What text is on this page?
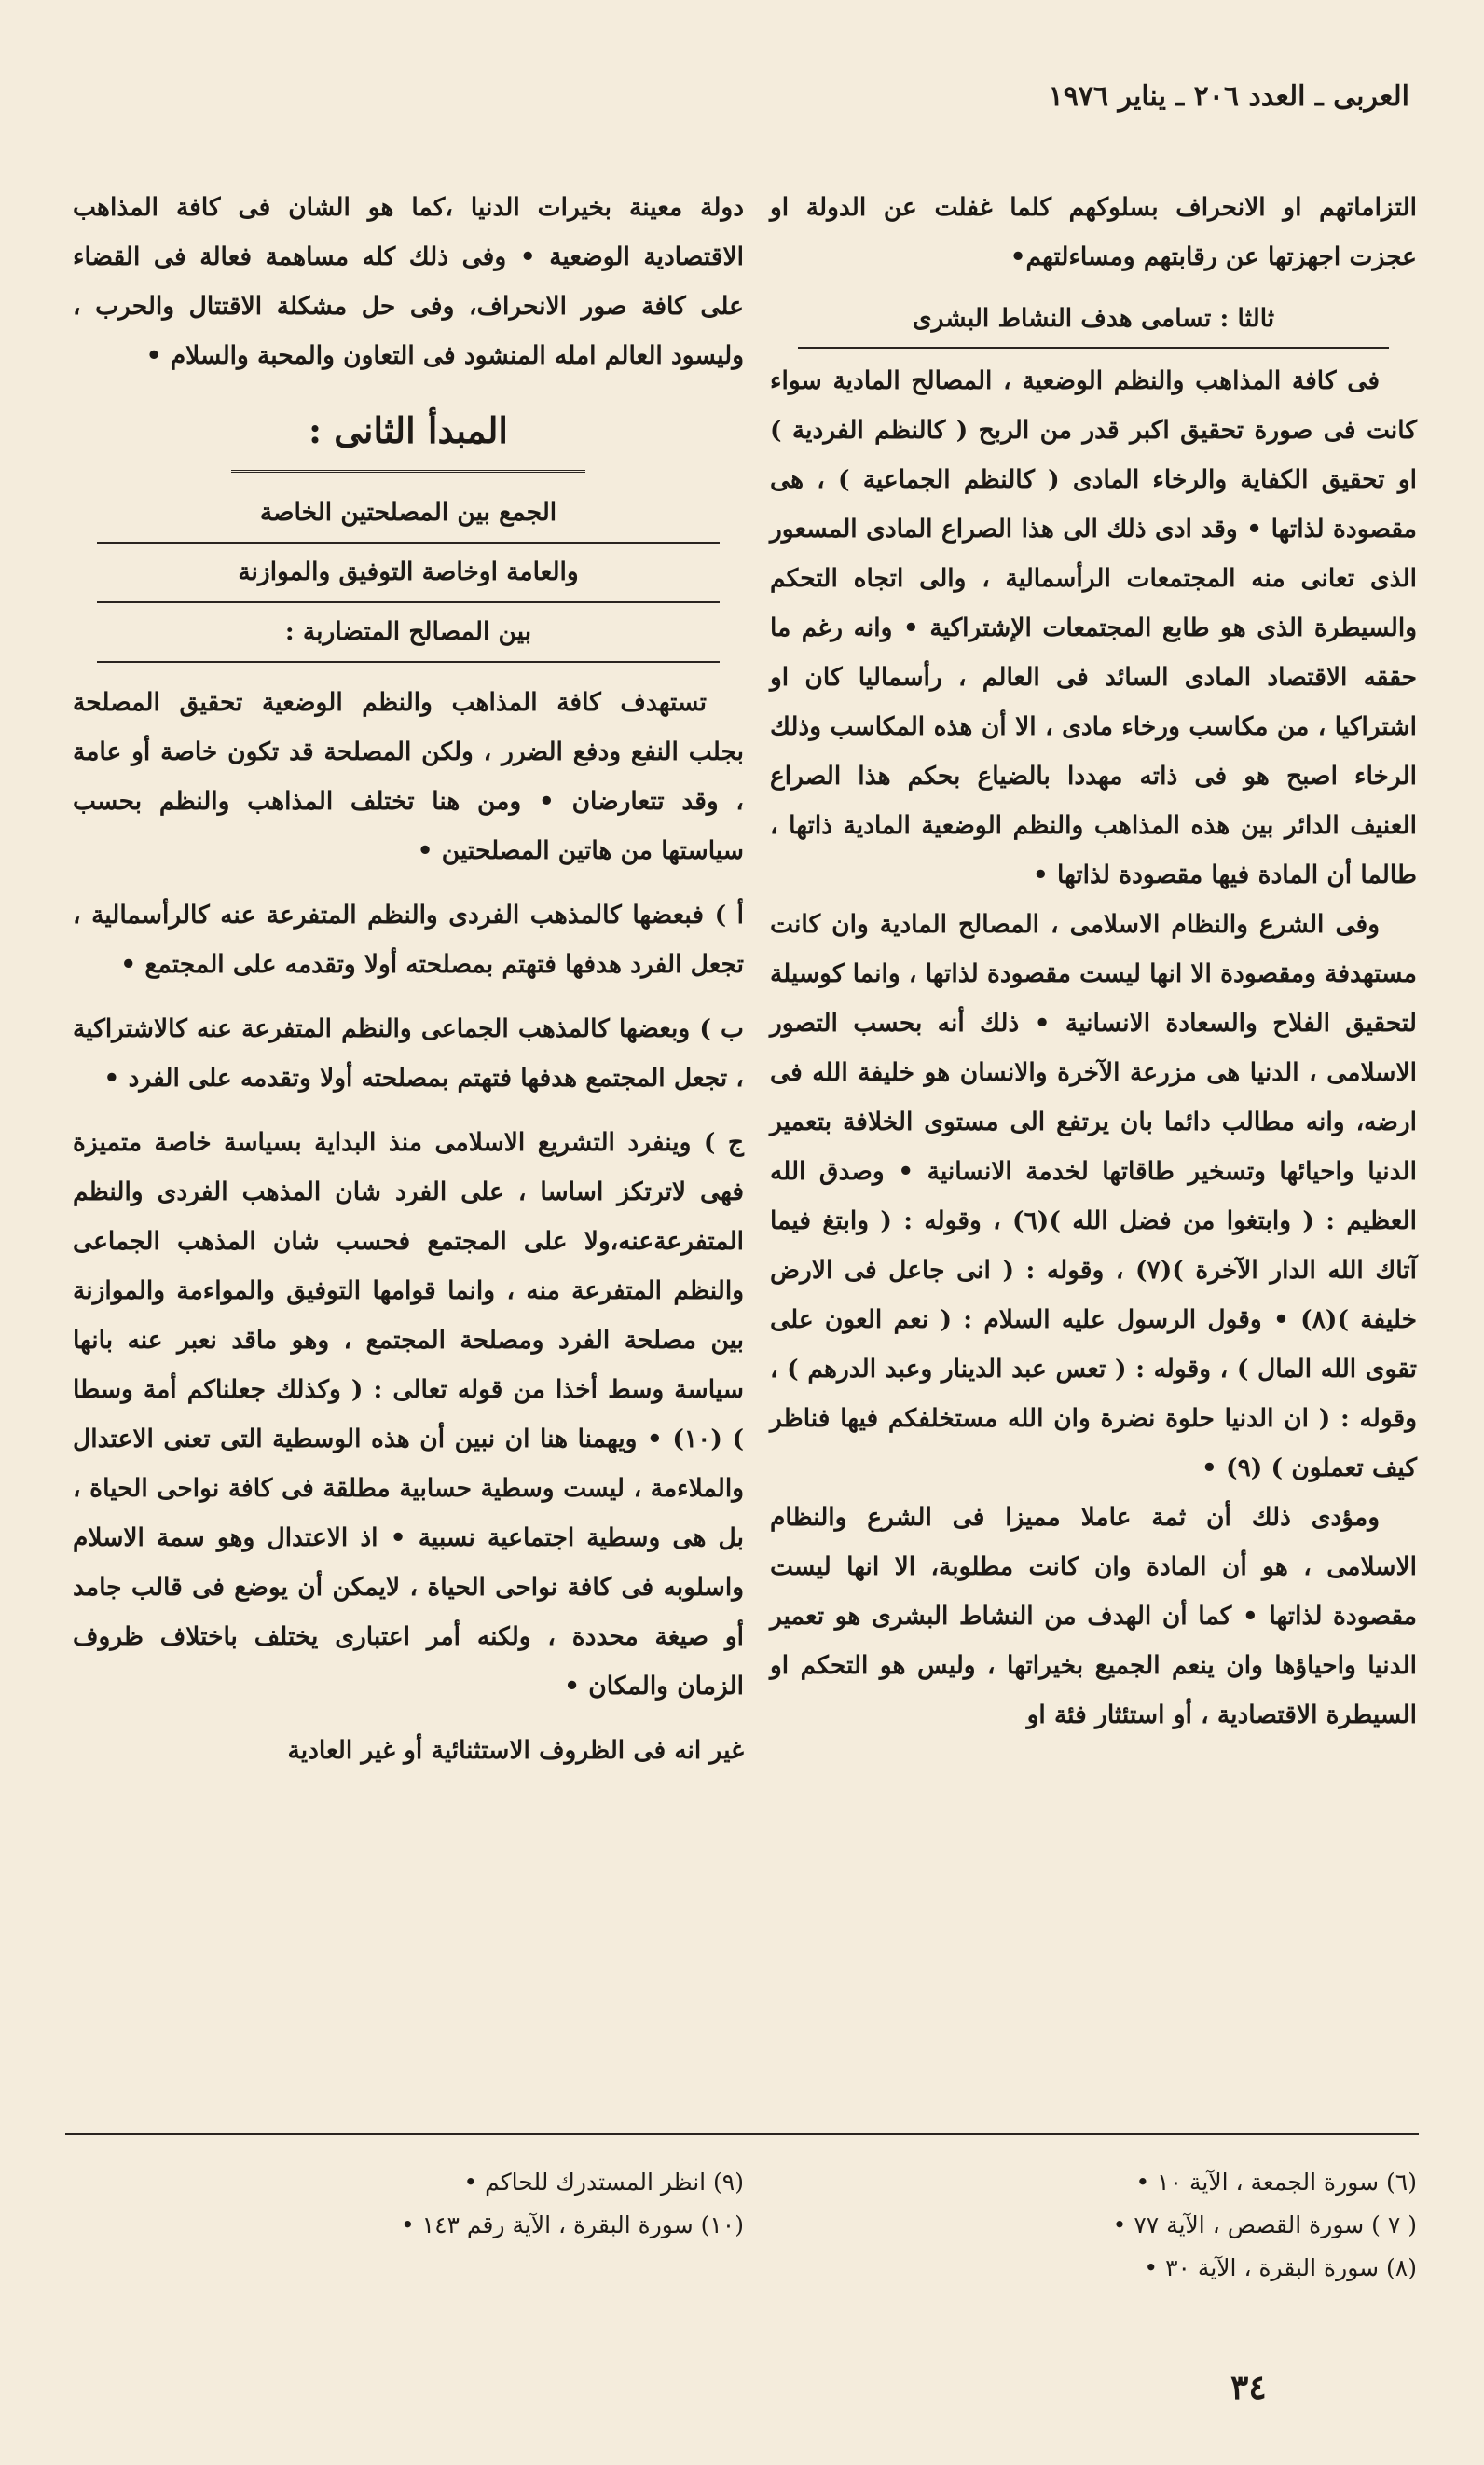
العربى ـ العدد ٢٠٦ ـ يناير ١٩٧٦

التزاماتهم او الانحراف بسلوكهم كلما غفلت عن الدولة او عجزت اجهزتها عن رقابتهم ومساءلتهم•

ثالثا : تسامى هدف النشاط البشرى

فى كافة المذاهب والنظم الوضعية ، المصالح المادية سواء كانت فى صورة تحقيق اكبر قدر من الربح ( كالنظم الفردية ) او تحقيق الكفاية والرخاء المادى ( كالنظم الجماعية ) ، هى مقصودة لذاتها • وقد ادى ذلك الى هذا الصراع المادى المسعور الذى تعانى منه المجتمعات الرأسمالية ، والى اتجاه التحكم والسيطرة الذى هو طابع المجتمعات الإشتراكية • وانه رغم ما حققه الاقتصاد المادى السائد فى العالم ، رأسماليا كان او اشتراكيا ، من مكاسب ورخاء مادى ، الا أن هذه المكاسب وذلك الرخاء اصبح هو فى ذاته مهددا بالضياع بحكم هذا الصراع العنيف الدائر بين هذه المذاهب والنظم الوضعية المادية ذاتها ، طالما أن المادة فيها مقصودة لذاتها •

وفى الشرع والنظام الاسلامى ، المصالح المادية وان كانت مستهدفة ومقصودة الا انها ليست مقصودة لذاتها ، وانما كوسيلة لتحقيق الفلاح والسعادة الانسانية • ذلك أنه بحسب التصور الاسلامى ، الدنيا هى مزرعة الآخرة والانسان هو خليفة الله فى ارضه، وانه مطالب دائما بان يرتفع الى مستوى الخلافة بتعمير الدنيا واحيائها وتسخير طاقاتها لخدمة الانسانية • وصدق الله العظيم : ( وابتغوا من فضل الله )(٦) ، وقوله : ( وابتغ فيما آتاك الله الدار الآخرة )(٧) ، وقوله : ( انى جاعل فى الارض خليفة )(٨) • وقول الرسول عليه السلام : ( نعم العون على تقوى الله المال ) ، وقوله : ( تعس عبد الدينار وعبد الدرهم ) ، وقوله : ( ان الدنيا حلوة نضرة وان الله مستخلفكم فيها فناظر كيف تعملون ) (٩) •

ومؤدى ذلك أن ثمة عاملا مميزا فى الشرع والنظام الاسلامى ، هو أن المادة وان كانت مطلوبة، الا انها ليست مقصودة لذاتها • كما أن الهدف من النشاط البشرى هو تعمير الدنيا واحياؤها وان ينعم الجميع بخيراتها ، وليس هو التحكم او السيطرة الاقتصادية ، أو استئثار فئة او

دولة معينة بخيرات الدنيا ،كما هو الشان فى كافة المذاهب الاقتصادية الوضعية • وفى ذلك كله مساهمة فعالة فى القضاء على كافة صور الانحراف، وفى حل مشكلة الاقتتال والحرب ، وليسود العالم امله المنشود فى التعاون والمحبة والسلام •

المبدأ الثانى :
الجمع بين المصلحتين الخاصة
والعامة اوخاصة التوفيق والموازنة
بين المصالح المتضاربة :

تستهدف كافة المذاهب والنظم الوضعية تحقيق المصلحة بجلب النفع ودفع الضرر ، ولكن المصلحة قد تكون خاصة أو عامة ، وقد تتعارضان • ومن هنا تختلف المذاهب والنظم بحسب سياستها من هاتين المصلحتين •

أ ) فبعضها كالمذهب الفردى والنظم المتفرعة عنه كالرأسمالية ، تجعل الفرد هدفها فتهتم بمصلحته أولا وتقدمه على المجتمع •

ب ) وبعضها كالمذهب الجماعى والنظم المتفرعة عنه كالاشتراكية ، تجعل المجتمع هدفها فتهتم بمصلحته أولا وتقدمه على الفرد •

ج ) وينفرد التشريع الاسلامى منذ البداية بسياسة خاصة متميزة فهى لاترتكز اساسا ، على الفرد شان المذهب الفردى والنظم المتفرعةعنه،ولا على المجتمع فحسب شان المذهب الجماعى والنظم المتفرعة منه ، وانما قوامها التوفيق والمواءمة والموازنة بين مصلحة الفرد ومصلحة المجتمع ، وهو ماقد نعبر عنه بانها سياسة وسط أخذا من قوله تعالى : ( وكذلك جعلناكم أمة وسطا ) (١٠) • ويهمنا هنا ان نبين أن هذه الوسطية التى تعنى الاعتدال والملاءمة ، ليست وسطية حسابية مطلقة فى كافة نواحى الحياة ، بل هى وسطية اجتماعية نسبية • اذ الاعتدال وهو سمة الاسلام واسلوبه فى كافة نواحى الحياة ، لايمكن أن يوضع فى قالب جامد أو صيغة محددة ، ولكنه أمر اعتبارى يختلف باختلاف ظروف الزمان والمكان •

غير انه فى الظروف الاستثنائية أو غير العادية

(٦) سورة الجمعة ، الآية ١٠ •

( ٧ ) سورة القصص ، الآية ٧٧ •

(٨) سورة البقرة ، الآية ٣٠ •

(٩) انظر المستدرك للحاكم •

(١٠) سورة البقرة ، الآية رقم ١٤٣ •

٣٤
